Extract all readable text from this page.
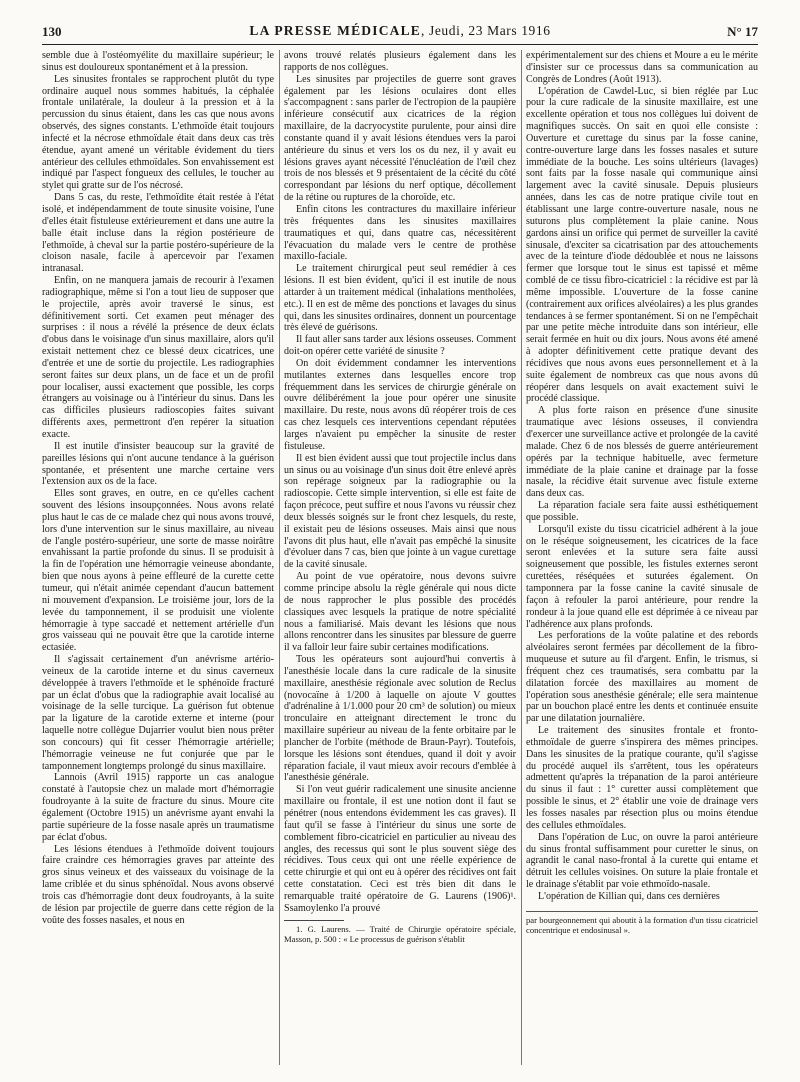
130	LA PRESSE MÉDICALE, Jeudi, 23 Mars 1916	N° 17

semble due à l'ostéomyélite du maxillaire supérieur; le sinus est douloureux spontanément et à la pression.

Les sinusites frontales se rapprochent plutôt du type ordinaire auquel nous sommes habitués, la céphalée frontale unilatérale, la douleur à la pression et à la percussion du sinus étaient, dans les cas que nous avons observés, des signes constants. L'ethmoïde était toujours infecté et la nécrose ethmoïdale était dans deux cas très étendue, ayant amené un véritable évidement du tiers antérieur des cellules ethmoïdales. Son envahissement est indiqué par l'aspect fongueux des cellules, le toucher au stylet qui gratte sur de l'os nécrosé.

Dans 5 cas, du reste, l'ethmoïdite était restée à l'état isolé, et indépendamment de toute sinusite voisine, l'une d'elles était fistuleuse extérieurement et dans une autre la balle était incluse dans la région postérieure de l'ethmoïde, à cheval sur la partie postéro-supérieure de la cloison nasale, facile à apercevoir par l'examen intranasal.

Enfin, on ne manquera jamais de recourir à l'examen radiographique, même si l'on a tout lieu de supposer que le projectile, après avoir traversé le sinus, est définitivement sorti. Cet examen peut ménager des surprises : il nous a révélé la présence de deux éclats d'obus dans le voisinage d'un sinus maxillaire, alors qu'il existait nettement chez ce blessé deux cicatrices, une d'entrée et une de sortie du projectile. Les radiographies seront faites sur deux plans, un de face et un de profil pour localiser, aussi exactement que possible, les corps étrangers au voisinage ou à l'intérieur du sinus. Dans les cas difficiles plusieurs radioscopies faites suivant différents axes, permettront d'en repérer la situation exacte.

Il est inutile d'insister beaucoup sur la gravité de pareilles lésions qui n'ont aucune tendance à la guérison spontanée, et présentent une marche certaine vers l'extension aux os de la face.

Elles sont graves, en outre, en ce qu'elles cachent souvent des lésions insoupçonnées. Nous avons relaté plus haut le cas de ce malade chez qui nous avons trouvé, lors d'une intervention sur le sinus maxillaire, au niveau de l'angle postéro-supérieur, une sorte de masse noirâtre envahissant la partie profonde du sinus. Il se produisit à la fin de l'opération une hémorragie veineuse abondante, bien que nous ayons à peine effleuré de la curette cette tumeur, qui n'était animée cependant d'aucun battement ni mouvement d'expansion. Le troisième jour, lors de la levée du tamponnement, il se produisit une violente hémorragie à type saccadé et nettement artérielle d'un gros vaisseau qui ne pouvait être que la carotide interne ectasiée.

Il s'agissait certainement d'un anévrisme artério-veineux de la carotide interne et du sinus caverneux développée à travers l'ethmoïde et le sphénoïde fracturé par un éclat d'obus que la radiographie avait localisé au voisinage de la selle turcique. La guérison fut obtenue par la ligature de la carotide externe et interne (pour laquelle notre collègue Dujarrier voulut bien nous prêter son concours) qui fit cesser l'hémorragie artérielle; l'hémorragie veineuse ne fut conjurée que par le tamponnement longtemps prolongé du sinus maxillaire.

Lannois (Avril 1915) rapporte un cas analogue constaté à l'autopsie chez un malade mort d'hémorragie foudroyante à la suite de fracture du sinus. Moure cite également (Octobre 1915) un anévrisme ayant envahi la partie supérieure de la fosse nasale après un traumatisme par éclat d'obus.

Les lésions étendues à l'ethmoïde doivent toujours faire craindre ces hémorragies graves par atteinte des gros sinus veineux et des vaisseaux du voisinage de la lame criblée et du sinus sphénoïdal. Nous avons observé trois cas d'hémorragie dont deux foudroyants, à la suite de lésion par projectile de guerre dans cette région de la voûte des fosses nasales, et nous en

avons trouvé relatés plusieurs également dans les rapports de nos collègues.

Les sinusites par projectiles de guerre sont graves également par les lésions oculaires dont elles s'accompagnent : sans parler de l'ectropion de la paupière inférieure consécutif aux cicatrices de la région maxillaire, de la dacryocystite purulente, pour ainsi dire constante quand il y avait lésions étendues vers la paroi antérieure du sinus et vers los os du nez, il y avait eu lésions graves ayant nécessité l'énucléation de l'œil chez trois de nos blessés et 9 présentaient de la cécité du côté correspondant par lésions du nerf optique, décollement de la rétine ou ruptures de la choroïde, etc.

Enfin citons les contractures du maxillaire inférieur très fréquentes dans les sinusites maxillaires traumatiques et qui, dans quatre cas, nécessitèrent l'évacuation du malade vers le centre de prothèse maxillo-faciale.

Le traitement chirurgical peut seul remédier à ces lésions. Il est bien évident, qu'ici il est inutile de nous attarder à un traitement médical (inhalations mentholées, etc.). Il en est de même des ponctions et lavages du sinus qui, dans les sinusites ordinaires, donnent un pourcentage très élevé de guérisons.

Il faut aller sans tarder aux lésions osseuses. Comment doit-on opérer cette variété de sinusite ?

On doit évidemment condamner les interventions mutilantes externes dans lesquelles encore trop fréquemment dans les services de chirurgie générale on ouvre délibérément la joue pour opérer une sinusite maxillaire. Du reste, nous avons dû réopérer trois de ces cas chez lesquels ces interventions cependant réputées larges n'avaient pu empêcher la sinusite de rester fistuleuse.

Il est bien évident aussi que tout projectile inclus dans un sinus ou au voisinage d'un sinus doit être enlevé après son repérage soigneux par la radiographie ou la radioscopie. Cette simple intervention, si elle est faite de façon précoce, peut suffire et nous l'avons vu réussir chez deux blessés soignés sur le front chez lesquels, du reste, il existait peu de lésions osseuses. Mais ainsi que nous l'avons dit plus haut, elle n'avait pas empêché la sinusite d'évoluer dans 7 cas, bien que jointe à un vague curettage de la cavité sinusale.

Au point de vue opératoire, nous devons suivre comme principe absolu la règle générale qui nous dicte de nous rapprocher le plus possible des procédés classiques avec lesquels la pratique de notre spécialité nous a familiarisé. Mais devant les lésions que nous allons rencontrer dans les sinusites par blessure de guerre il va falloir leur faire subir certaines modifications.

Tous les opérateurs sont aujourd'hui convertis à l'anesthésie locale dans la cure radicale de la sinusite maxillaire, anesthésie régionale avec solution de Reclus (novocaïne à 1/200 à laquelle on ajoute V gouttes d'adrénaline à 1/1.000 pour 20 cm³ de solution) ou mieux tronculaire en atteignant directement le tronc du maxillaire supérieur au niveau de la fente orbitaire par le plancher de l'orbite (méthode de Braun-Payr). Toutefois, lorsque les lésions sont étendues, quand il doit y avoir réparation faciale, il vaut mieux avoir recours d'emblée à l'anesthésie générale.

Si l'on veut guérir radicalement une sinusite ancienne maxillaire ou frontale, il est une notion dont il faut se pénétrer (nous entendons évidemment les cas graves). Il faut qu'il se fasse à l'intérieur du sinus une sorte de comblement fibro-cicatriciel en particulier au niveau des angles, des recessus qui sont le plus souvent siège des récidives. Tous ceux qui ont une réelle expérience de cette chirurgie et qui ont eu à opérer des récidives ont fait cette constatation. Ceci est très bien dit dans le remarquable traité opératoire de G. Laurens (1906)¹. Ssamoylenko l'a prouvé

1. G. Laurens. — Traité de Chirurgie opératoire spéciale, Masson, p. 500 : « Le processus de guérison s'établit

expérimentalement sur des chiens et Moure a eu le mérite d'insister sur ce processus dans sa communication au Congrès de Londres (Août 1913).

L'opération de Cawdel-Luc, si bien réglée par Luc pour la cure radicale de la sinusite maxillaire, est une excellente opération et tous nos collègues lui doivent de magnifiques succès. On sait en quoi elle consiste : Ouverture et curettage du sinus par la fosse canine, contre-ouverture large dans les fosses nasales et suture immédiate de la bouche. Les soins ultérieurs (lavages) sont faits par la fosse nasale qui communique ainsi largement avec la cavité sinusale. Depuis plusieurs années, dans les cas de notre pratique civile tout en établissant une large contre-ouverture nasale, nous ne suturons plus complètement la plaie canine. Nous gardons ainsi un orifice qui permet de surveiller la cavité sinusale, d'exciter sa cicatrisation par des attouchements avec de la teinture d'iode dédoublée et nous ne laissons fermer que lorsque tout le sinus est tapissé et même comblé de ce tissu fibro-cicatriciel : la récidive est par là même impossible. L'ouverture de la fosse canine (contrairement aux orifices alvéolaires) a les plus grandes tendances à se fermer spontanément. Si on ne l'empêchait par une petite mèche introduite dans son intérieur, elle serait fermée en huit ou dix jours. Nous avons été amené à adopter définitivement cette pratique devant des récidives que nous avons eues personnellement et à la suite également de nombreux cas que nous avons dû réopérer dans lesquels on avait exactement suivi le procédé classique.

A plus forte raison en présence d'une sinusite traumatique avec lésions osseuses, il conviendra d'exercer une surveillance active et prolongée de la cavité malade. Chez 6 de nos blessés de guerre antérieurement opérés par la technique habituelle, avec fermeture immédiate de la plaie canine et drainage par la fosse nasale, la récidive était survenue avec fistule externe dans deux cas.

La réparation faciale sera faite aussi esthétiquement que possible.

Lorsqu'il existe du tissu cicatriciel adhérent à la joue on le réséque soigneusement, les cicatrices de la face seront enlevées et la suture sera faite aussi soigneusement que possible, les fistules externes seront curettées, réséquées et suturées également. On tamponnera par la fosse canine la cavité sinusale de façon à refouler la paroi antérieure, pour rendre la rondeur à la joue quand elle est déprimée à ce niveau par l'adhérence aux plans profonds.

Les perforations de la voûte palatine et des rebords alvéolaires seront fermées par décollement de la fibro-muqueuse et suture au fil d'argent. Enfin, le trismus, si fréquent chez ces traumatisés, sera combattu par la dilatation forcée des maxillaires au moment de l'opération sous anesthésie générale; elle sera maintenue par un bouchon placé entre les dents et continuée ensuite par une dilatation journalière.

Le traitement des sinusites frontale et fronto-ethmoïdale de guerre s'inspirera des mêmes principes. Dans les sinusites de la pratique courante, qu'il s'agisse du procédé auquel ils s'arrêtent, tous les opérateurs admettent qu'après la trépanation de la paroi antérieure du sinus il faut : 1° curetter aussi complètement que possible le sinus, et 2° établir une voie de drainage vers les fosses nasales par résection plus ou moins étendue des cellules ethmoïdales.

Dans l'opération de Luc, on ouvre la paroi antérieure du sinus frontal suffisamment pour curetter le sinus, on agrandit le canal naso-frontal à la curette qui entame et détruit les cellules voisines. On suture la plaie frontale et le drainage s'établit par voie ethmoïdo-nasale.

L'opération de Killian qui, dans ces dernières

par bourgeonnement qui aboutit à la formation d'un tissu cicatriciel concentrique et endosinusal ».
